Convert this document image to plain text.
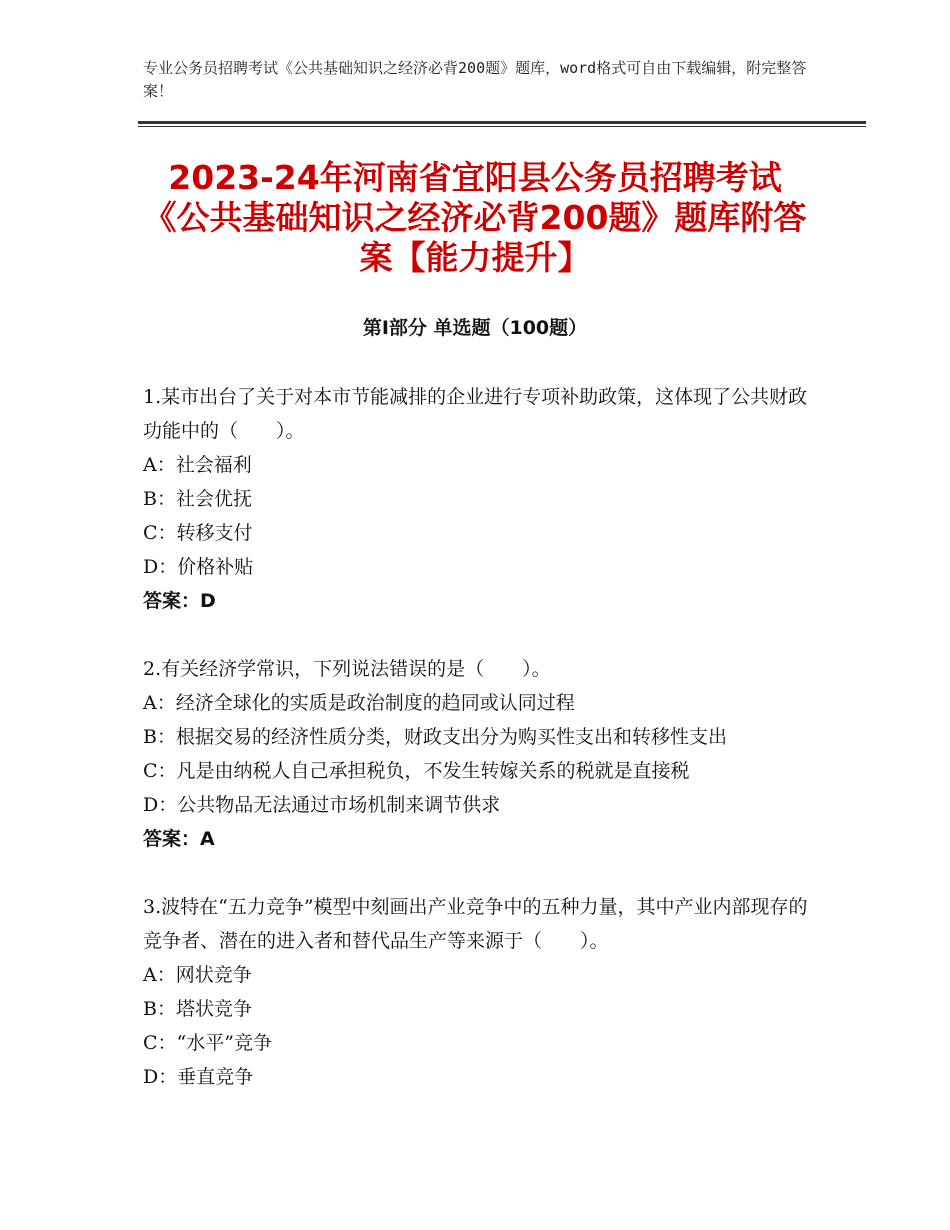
专业公务员招聘考试《公共基础知识之经济必背200题》题库，word格式可自由下载编辑，附完整答案！
2023-24年河南省宜阳县公务员招聘考试《公共基础知识之经济必背200题》题库附答案【能力提升】
第Ⅰ部分 单选题（100题）
1.某市出台了关于对本市节能减排的企业进行专项补助政策，这体现了公共财政功能中的（　　）。
A：社会福利
B：社会优抚
C：转移支付
D：价格补贴
答案：D
2.有关经济学常识，下列说法错误的是（　　）。
A：经济全球化的实质是政治制度的趋同或认同过程
B：根据交易的经济性质分类，财政支出分为购买性支出和转移性支出
C：凡是由纳税人自己承担税负，不发生转嫁关系的税就是直接税
D：公共物品无法通过市场机制来调节供求
答案：A
3.波特在“五力竞争”模型中刻画出产业竞争中的五种力量，其中产业内部现存的竞争者、潜在的进入者和替代品生产等来源于（　　）。
A：网状竞争
B：塔状竞争
C：“水平”竞争
D：垂直竞争
